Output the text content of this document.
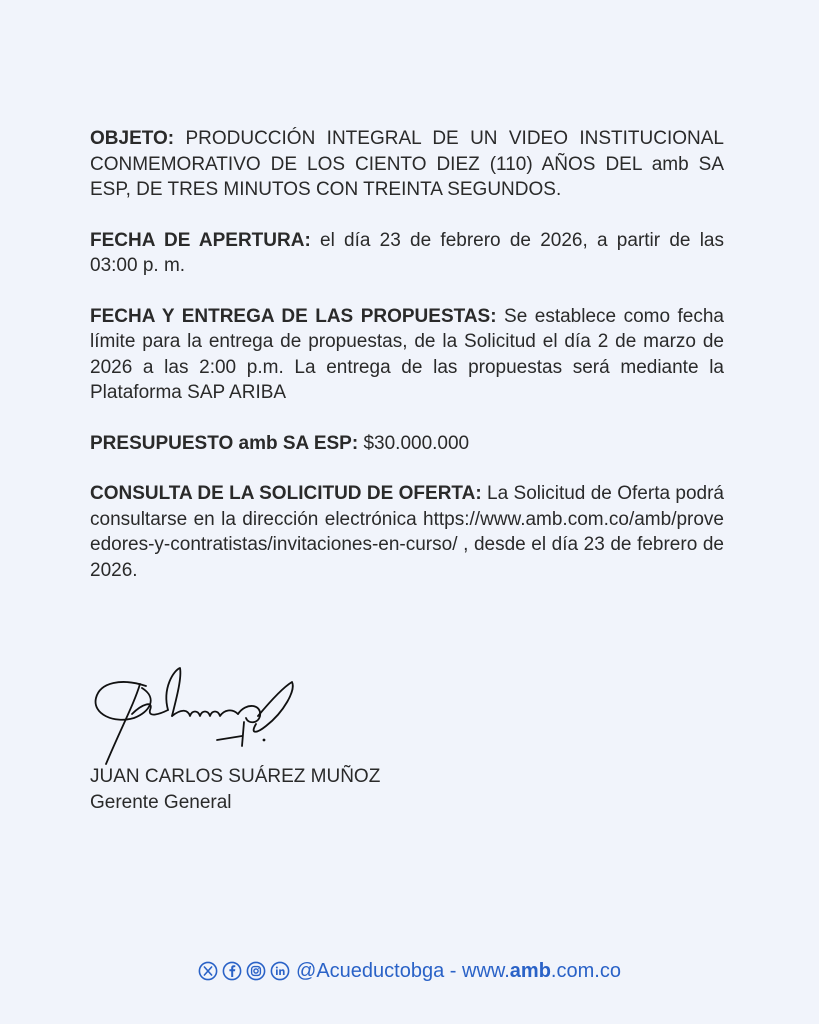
OBJETO: PRODUCCIÓN INTEGRAL DE UN VIDEO INSTITUCIONAL CONMEMORATIVO DE LOS CIENTO DIEZ (110) AÑOS DEL amb SA ESP, DE TRES MINUTOS CON TREINTA SEGUNDOS.

FECHA DE APERTURA: el día 23 de febrero de 2026, a partir de las 03:00 p. m.

FECHA Y ENTREGA DE LAS PROPUESTAS: Se establece como fecha límite para la entrega de propuestas, de la Solicitud el día 2 de marzo de 2026 a las 2:00 p.m. La entrega de las propuestas será mediante la Plataforma SAP ARIBA

PRESUPUESTO amb SA ESP: $30.000.000

CONSULTA DE LA SOLICITUD DE OFERTA: La Solicitud de Oferta podrá consultarse en la dirección electrónica https://www.amb.com.co/amb/proveedores-y-contratistas/invitaciones-en-curso/ , desde el día 23 de febrero de 2026.

JUAN CARLOS SUÁREZ MUÑOZ
Gerente General
@Acueductobga - www.amb.com.co
